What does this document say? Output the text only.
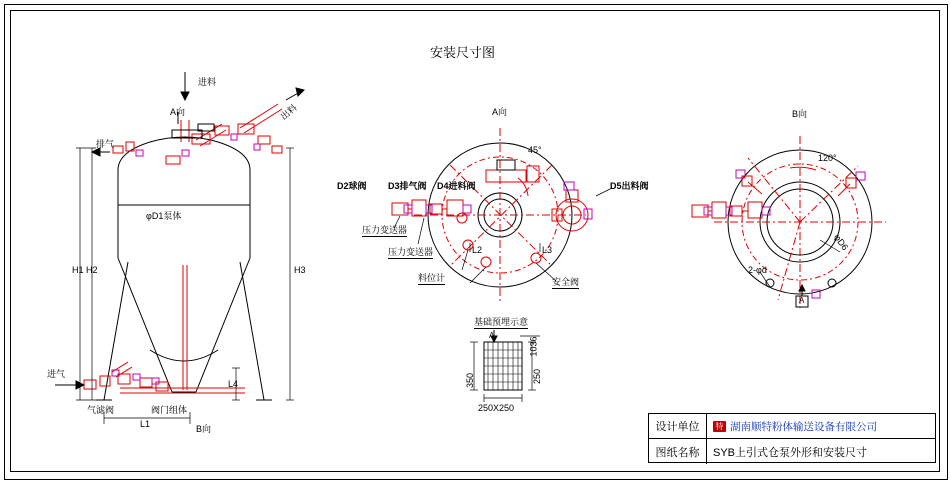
安装尺寸图
进料
出料
排气
进气
气滤阀	阀门组体
φD1泵体
A向
B向
H1 H2	H3
L1
L4
A向
45°
D2球阀 D3排气阀 D4进料阀	D5出料阀
压力变送器
压力变送器
料位计	安全阀
L2	L3
B向
120°
2-φd
φD6
A
基础预埋示意
A
350	250
1036
250X250
设计单位	特 湖南顺特粉体输送设备有限公司
图纸名称	SYB上引式仓泵外形和安装尺寸
